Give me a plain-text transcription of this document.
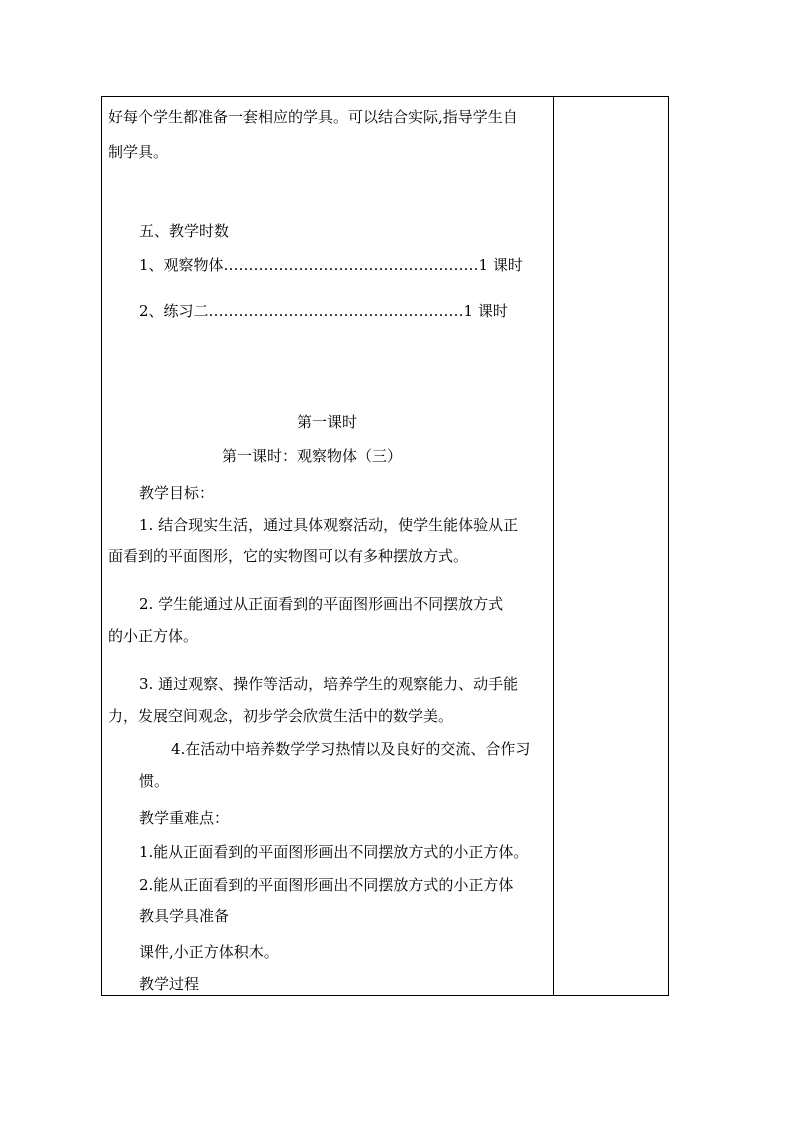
好每个学生都准备一套相应的学具。可以结合实际,指导学生自
制学具。
五、教学时数
1、观察物体……………………………………………1 课时
2、练习二……………………………………………1 课时
第一课时
第一课时：观察物体（三）
教学目标：
1. 结合现实生活，通过具体观察活动，使学生能体验从正
面看到的平面图形，它的实物图可以有多种摆放方式。
2. 学生能通过从正面看到的平面图形画出不同摆放方式
的小正方体。
3. 通过观察、操作等活动，培养学生的观察能力、动手能
力，发展空间观念，初步学会欣赏生活中的数学美。
4.在活动中培养数学学习热情以及良好的交流、合作习
惯。
教学重难点：
1.能从正面看到的平面图形画出不同摆放方式的小正方体。
2.能从正面看到的平面图形画出不同摆放方式的小正方体
教具学具准备
课件,小正方体积木。
教学过程
